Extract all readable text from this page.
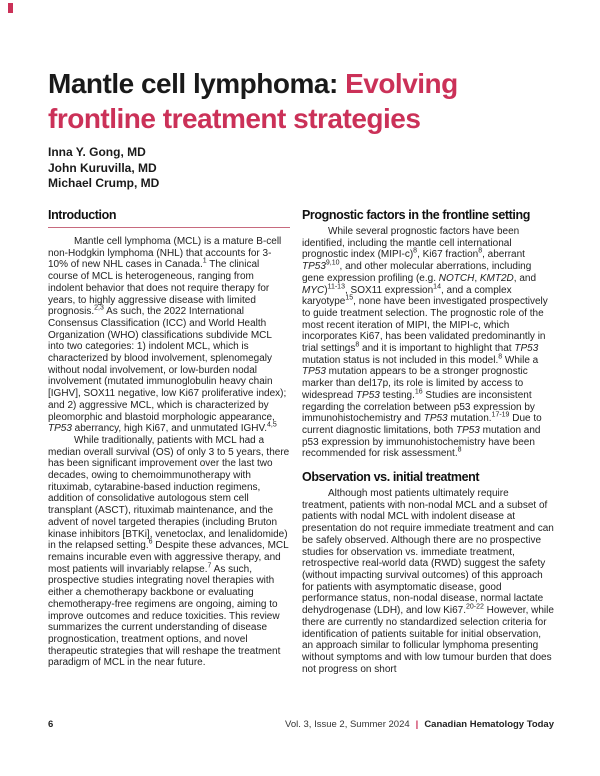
Mantle cell lymphoma: Evolving frontline treatment strategies
Inna Y. Gong, MD
John Kuruvilla, MD
Michael Crump, MD
Introduction

Mantle cell lymphoma (MCL) is a mature B-cell non-Hodgkin lymphoma (NHL) that accounts for 3-10% of new NHL cases in Canada.$^1$ The clinical course of MCL is heterogeneous, ranging from indolent behavior that does not require therapy for years, to highly aggressive disease with limited prognosis.$^{2,3}$ As such, the 2022 International Consensus Classification (ICC) and World Health Organization (WHO) classifications subdivide MCL into two categories: 1) indolent MCL, which is characterized by blood involvement, splenomegaly without nodal involvement, or low-burden nodal involvement (mutated immunoglobulin heavy chain [IGHV], SOX11 negative, low Ki67 proliferative index); and 2) aggressive MCL, which is characterized by pleomorphic and blastoid morphologic appearance, TP53 aberrancy, high Ki67, and unmutated IGHV.$^{4,5}$

While traditionally, patients with MCL had a median overall survival (OS) of only 3 to 5 years, there has been significant improvement over the last two decades, owing to chemoimmunotherapy with rituximab, cytarabine-based induction regimens, addition of consolidative autologous stem cell transplant (ASCT), rituximab maintenance, and the advent of novel targeted therapies (including Bruton kinase inhibitors [BTKi], venetoclax, and lenalidomide) in the relapsed setting.$^6$ Despite these advances, MCL remains incurable even with aggressive therapy, and most patients will invariably relapse.$^7$ As such, prospective studies integrating novel therapies with either a chemotherapy backbone or evaluating chemotherapy-free regimens are ongoing, aiming to improve outcomes and reduce toxicities. This review summarizes the current understanding of disease prognostication, treatment options, and novel therapeutic strategies that will reshape the treatment paradigm of MCL in the near future.

Prognostic factors in the frontline setting

While several prognostic factors have been identified, including the mantle cell international prognostic index (MIPI-c)$^8$, Ki67 fraction$^8$, aberrant TP53$^{9,10}$, and other molecular aberrations, including gene expression profiling (e.g. NOTCH, KMT2D, and MYC)$^{11-13}$, SOX11 expression$^{14}$, and a complex karyotype$^{15}$, none have been investigated prospectively to guide treatment selection. The prognostic role of the most recent iteration of MIPI, the MIPI-c, which incorporates Ki67, has been validated predominantly in trial settings$^8$ and it is important to highlight that TP53 mutation status is not included in this model.$^8$ While a TP53 mutation appears to be a stronger prognostic marker than del17p, its role is limited by access to widespread TP53 testing.$^{16}$ Studies are inconsistent regarding the correlation between p53 expression by immunohistochemistry and TP53 mutation.$^{17-19}$ Due to current diagnostic limitations, both TP53 mutation and p53 expression by immunohistochemistry have been recommended for risk assessment.$^8$

Observation vs. initial treatment

Although most patients ultimately require treatment, patients with non-nodal MCL and a subset of patients with nodal MCL with indolent disease at presentation do not require immediate treatment and can be safely observed. Although there are no prospective studies for observation vs. immediate treatment, retrospective real-world data (RWD) suggest the safety (without impacting survival outcomes) of this approach for patients with asymptomatic disease, good performance status, non-nodal disease, normal lactate dehydrogenase (LDH), and low Ki67.$^{20-22}$ However, while there are currently no standardized selection criteria for identification of patients suitable for initial observation, an approach similar to follicular lymphoma presenting without symptoms and with low tumour burden that does not progress on short

6	Vol. 3, Issue 2, Summer 2024 | Canadian Hematology Today
